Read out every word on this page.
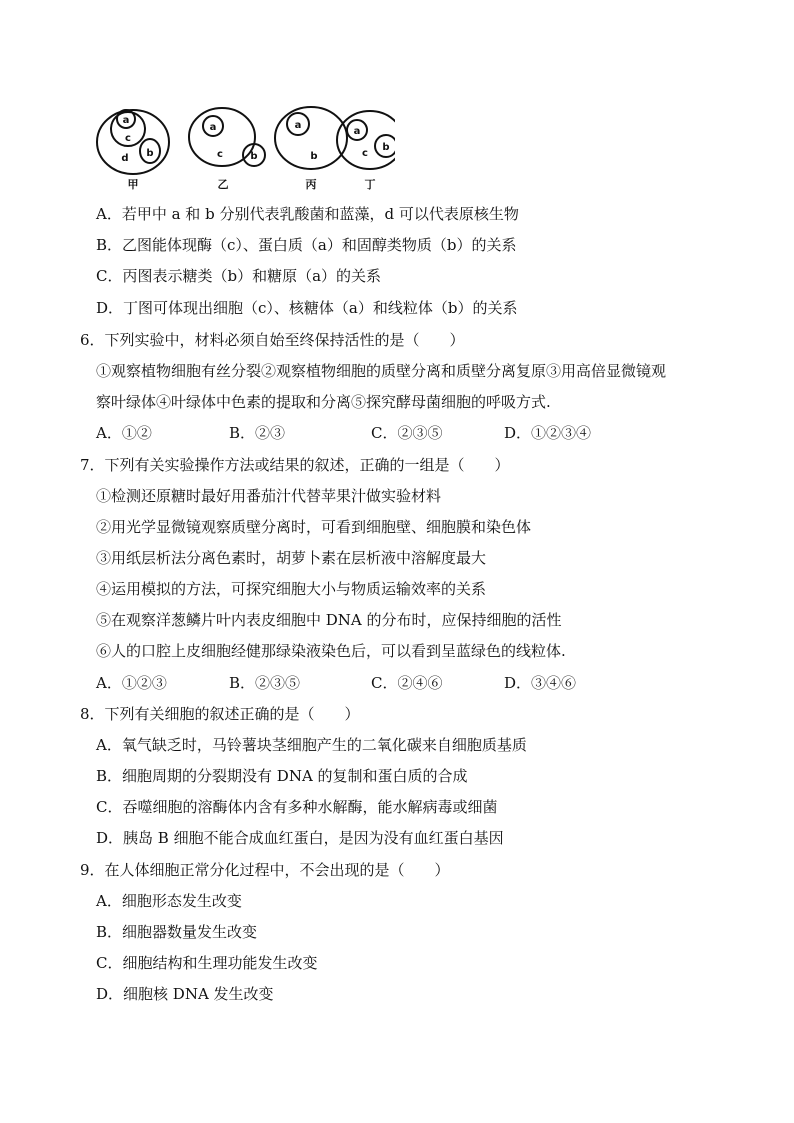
a
c
d b
a
c	b
a
b
a
c
b
甲	乙	丙	丁
A．若甲中 a 和 b 分别代表乳酸菌和蓝藻，d 可以代表原核生物
B．乙图能体现酶（c）、蛋白质（a）和固醇类物质（b）的关系
C．丙图表示糖类（b）和糖原（a）的关系
D．丁图可体现出细胞（c）、核糖体（a）和线粒体（b）的关系
6．下列实验中，材料必须自始至终保持活性的是（　　）
①观察植物细胞有丝分裂②观察植物细胞的质壁分离和质壁分离复原③用高倍显微镜观
察叶绿体④叶绿体中色素的提取和分离⑤探究酵母菌细胞的呼吸方式.
A．①②	B．②③	C．②③⑤	D．①②③④
7．下列有关实验操作方法或结果的叙述，正确的一组是（　　）
①检测还原糖时最好用番茄汁代替苹果汁做实验材料
②用光学显微镜观察质壁分离时，可看到细胞壁、细胞膜和染色体
③用纸层析法分离色素时，胡萝卜素在层析液中溶解度最大
④运用模拟的方法，可探究细胞大小与物质运输效率的关系
⑤在观察洋葱鳞片叶内表皮细胞中 DNA 的分布时，应保持细胞的活性
⑥人的口腔上皮细胞经健那绿染液染色后，可以看到呈蓝绿色的线粒体.
A．①②③	B．②③⑤	C．②④⑥	D．③④⑥
8．下列有关细胞的叙述正确的是（　　）
A．氧气缺乏时，马铃薯块茎细胞产生的二氧化碳来自细胞质基质
B．细胞周期的分裂期没有 DNA 的复制和蛋白质的合成
C．吞噬细胞的溶酶体内含有多种水解酶，能水解病毒或细菌
D．胰岛 B 细胞不能合成血红蛋白，是因为没有血红蛋白基因
9．在人体细胞正常分化过程中，不会出现的是（　　）
A．细胞形态发生改变
B．细胞器数量发生改变
C．细胞结构和生理功能发生改变
D．细胞核 DNA 发生改变
